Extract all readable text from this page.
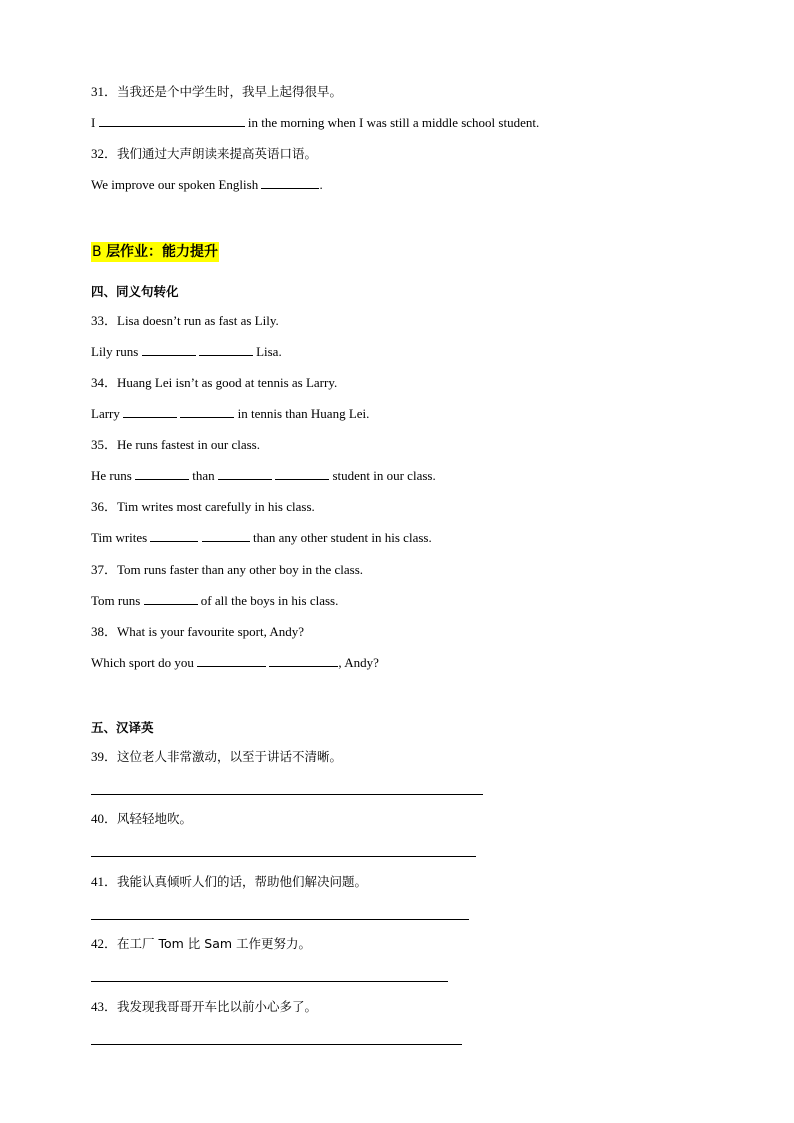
31．当我还是个中学生时，我早上起得很早。
I	in the morning when I was still a middle school student.
32．我们通过大声朗读来提高英语口语。
We improve our spoken English	.
B 层作业：能力提升
四、同义句转化
33．Lisa doesn’t run as fast as Lily.
Lily runs	Lisa.
34．Huang Lei isn’t as good at tennis as Larry.
Larry	in tennis than Huang Lei.
35．He runs fastest in our class.
He runs	than	student in our class.
36．Tim writes most carefully in his class.
Tim writes	than any other student in his class.
37．Tom runs faster than any other boy in the class.
Tom runs	of all the boys in his class.
38．What is your favourite sport, Andy?
Which sport do you	, Andy?
五、汉译英
39．这位老人非常激动，以至于讲话不清晰。
40．风轻轻地吹。
41．我能认真倾听人们的话，帮助他们解决问题。
42．在工厂 Tom 比 Sam 工作更努力。
43．我发现我哥哥开车比以前小心多了。
